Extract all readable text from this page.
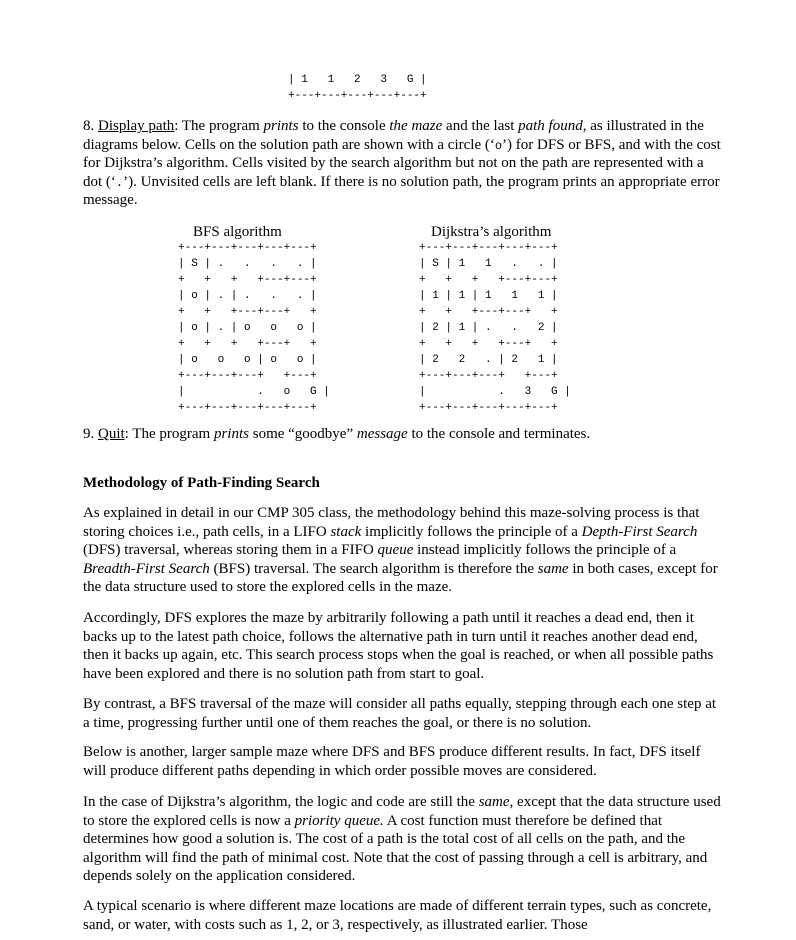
| 1   1   2   3   G |
+---+---+---+---+---+

8. Display path: The program prints to the console the maze and the last path found, as illustrated in the diagrams below. Cells on the solution path are shown with a circle (‘o’) for DFS or BFS, and with the cost for Dijkstra’s algorithm. Cells visited by the search algorithm but not on the path are represented with a dot (‘.’). Unvisited cells are left blank. If there is no solution path, the program prints an appropriate error message.

BFS algorithm
+---+---+---+---+---+
| S | .   .   .   . |
+   +   +   +---+---+
| o | . | .   .   . |
+   +   +---+---+   +
| o | . | o   o   o |
+   +   +   +---+   +
| o   o   o | o   o |
+---+---+---+   +---+
|           .   o   G |
+---+---+---+---+---+
Dijkstra’s algorithm
+---+---+---+---+---+
| S | 1   1   .   . |
+   +   +   +---+---+
| 1 | 1 | 1   1   1 |
+   +   +---+---+   +
| 2 | 1 | .   .   2 |
+   +   +   +---+   +
| 2   2   . | 2   1 |
+---+---+---+   +---+
|           .   3   G |
+---+---+---+---+---+

9. Quit: The program prints some “goodbye” message to the console and terminates.

Methodology of Path-Finding Search

As explained in detail in our CMP 305 class, the methodology behind this maze-solving process is that storing choices i.e., path cells, in a LIFO stack implicitly follows the principle of a Depth-First Search (DFS) traversal, whereas storing them in a FIFO queue instead implicitly follows the principle of a Breadth-First Search (BFS) traversal. The search algorithm is therefore the same in both cases, except for the data structure used to store the explored cells in the maze.

Accordingly, DFS explores the maze by arbitrarily following a path until it reaches a dead end, then it backs up to the latest path choice, follows the alternative path in turn until it reaches another dead end, then it backs up again, etc. This search process stops when the goal is reached, or when all possible paths have been explored and there is no solution path from start to goal.

By contrast, a BFS traversal of the maze will consider all paths equally, stepping through each one step at a time, progressing further until one of them reaches the goal, or there is no solution.

Below is another, larger sample maze where DFS and BFS produce different results. In fact, DFS itself will produce different paths depending in which order possible moves are considered.

In the case of Dijkstra’s algorithm, the logic and code are still the same, except that the data structure used to store the explored cells is now a priority queue. A cost function must therefore be defined that determines how good a solution is. The cost of a path is the total cost of all cells on the path, and the algorithm will find the path of minimal cost. Note that the cost of passing through a cell is arbitrary, and depends solely on the application considered.

A typical scenario is where different maze locations are made of different terrain types, such as concrete, sand, or water, with costs such as 1, 2, or 3, respectively, as illustrated earlier. Those
